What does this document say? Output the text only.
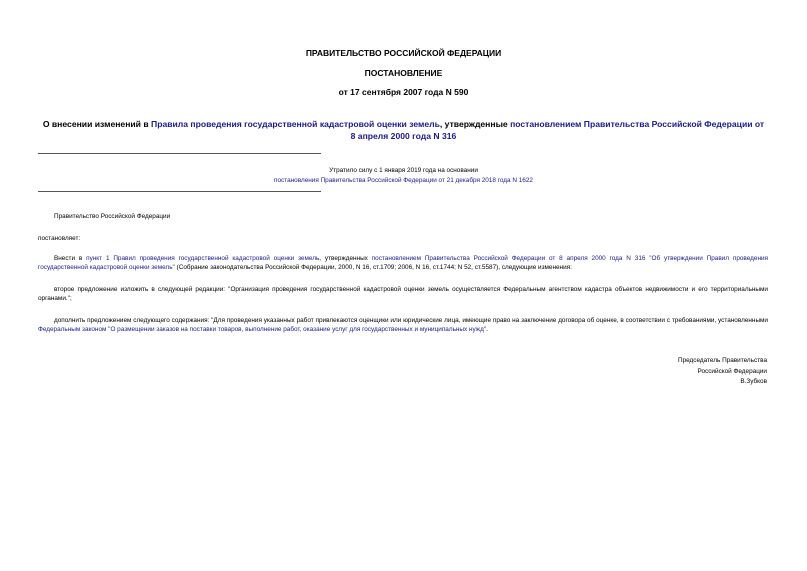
ПРАВИТЕЛЬСТВО РОССИЙСКОЙ ФЕДЕРАЦИИ
ПОСТАНОВЛЕНИЕ
от 17 сентября 2007 года N 590
О внесении изменений в Правила проведения государственной кадастровой оценки земель, утвержденные постановлением Правительства Российской Федерации от 8 апреля 2000 года N 316
Утратило силу с 1 января 2019 года на основании
постановления Правительства Российской Федерации от 21 декабря 2018 года N 1622
Правительство Российской Федерации
постановляет:
Внести в пункт 1 Правил проведения государственной кадастровой оценки земель, утвержденных постановлением Правительства Российской Федерации от 8 апреля 2000 года N 316 "Об утверждении Правил проведения государственной кадастровой оценки земель" (Собрание законодательства Российской Федерации, 2000, N 16, ст.1709; 2006, N 16, ст.1744; N 52, ст.5587), следующие изменения:
второе предложение изложить в следующей редакции: "Организация проведения государственной кадастровой оценки земель осуществляется Федеральным агентством кадастра объектов недвижимости и его территориальными органами.";
дополнить предложением следующего содержания: "Для проведения указанных работ привлекаются оценщики или юридические лица, имеющие право на заключение договора об оценке, в соответствии с требованиями, установленными Федеральным законом "О размещении заказов на поставки товаров, выполнение работ, оказание услуг для государственных и муниципальных нужд".
Председатель Правительства
Российской Федерации
В.Зубков
